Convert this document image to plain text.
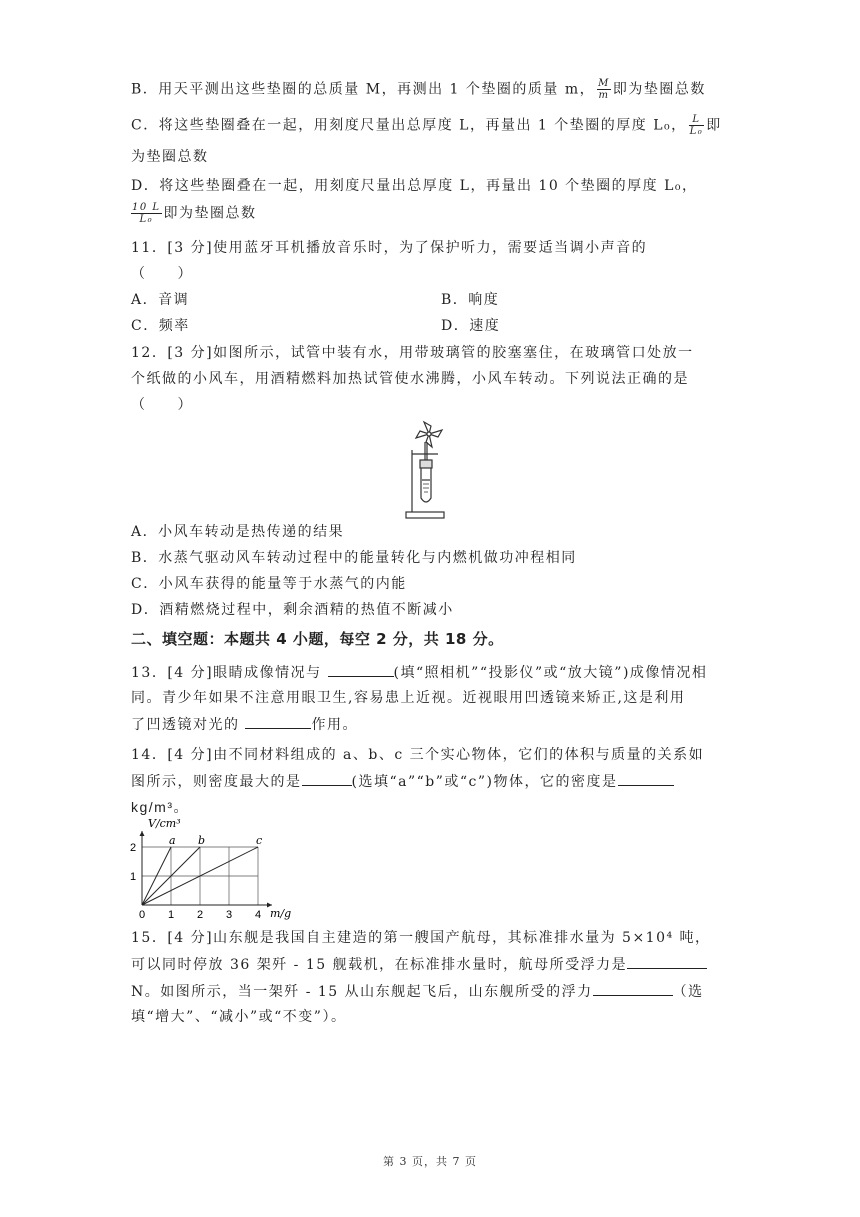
B．用天平测出这些垫圈的总质量 M，再测出 1 个垫圈的质量 m， $\frac{M}{m}$ 即为垫圈总数
C．将这些垫圈叠在一起，用刻度尺量出总厚度 L，再量出 1 个垫圈的厚度 L₀， $\frac{L}{\text{L₀}}$ 即
为垫圈总数
D．将这些垫圈叠在一起，用刻度尺量出总厚度 L，再量出 10 个垫圈的厚度 L₀，
$\frac{10 L}{\text{L₀}}$ 即为垫圈总数
11．[3 分]使用蓝牙耳机播放音乐时，为了保护听力，需要适当调小声音的
（　　）
A．音调	B．响度
C．频率	D．速度
12．[3 分]如图所示，试管中装有水，用带玻璃管的胶塞塞住，在玻璃管口处放一
个纸做的小风车，用酒精燃料加热试管使水沸腾，小风车转动。下列说法正确的是
（　　）
A．小风车转动是热传递的结果
B．水蒸气驱动风车转动过程中的能量转化与内燃机做功冲程相同
C．小风车获得的能量等于水蒸气的内能
D．酒精燃烧过程中，剩余酒精的热值不断减小
二、填空题：本题共 4 小题，每空 2 分，共 18 分。
13．[4 分]眼睛成像情况与	(填“照相机”“投影仪”或“放大镜”)成像情况相
同。青少年如果不注意用眼卫生,容易患上近视。近视眼用凹透镜来矫正,这是利用
了凹透镜对光的	作用。
14．[4 分]由不同材料组成的 a、b、c 三个实心物体，它们的体积与质量的关系如
图所示，则密度最大的是	(选填“a”“b”或“c”)物体，它的密度是
kg/m³。
a b	c
0 1 2 3 4
1
2
m/g
V/cm³
15．[4 分]山东舰是我国自主建造的第一艘国产航母，其标准排水量为 5×10⁴ 吨，
可以同时停放 36 架歼 - 15 舰载机，在标准排水量时，航母所受浮力是
N。如图所示，当一架歼 - 15 从山东舰起飞后，山东舰所受的浮力	（选
填“增大”、“减小”或“不变”）。
第 3 页，共 7 页
